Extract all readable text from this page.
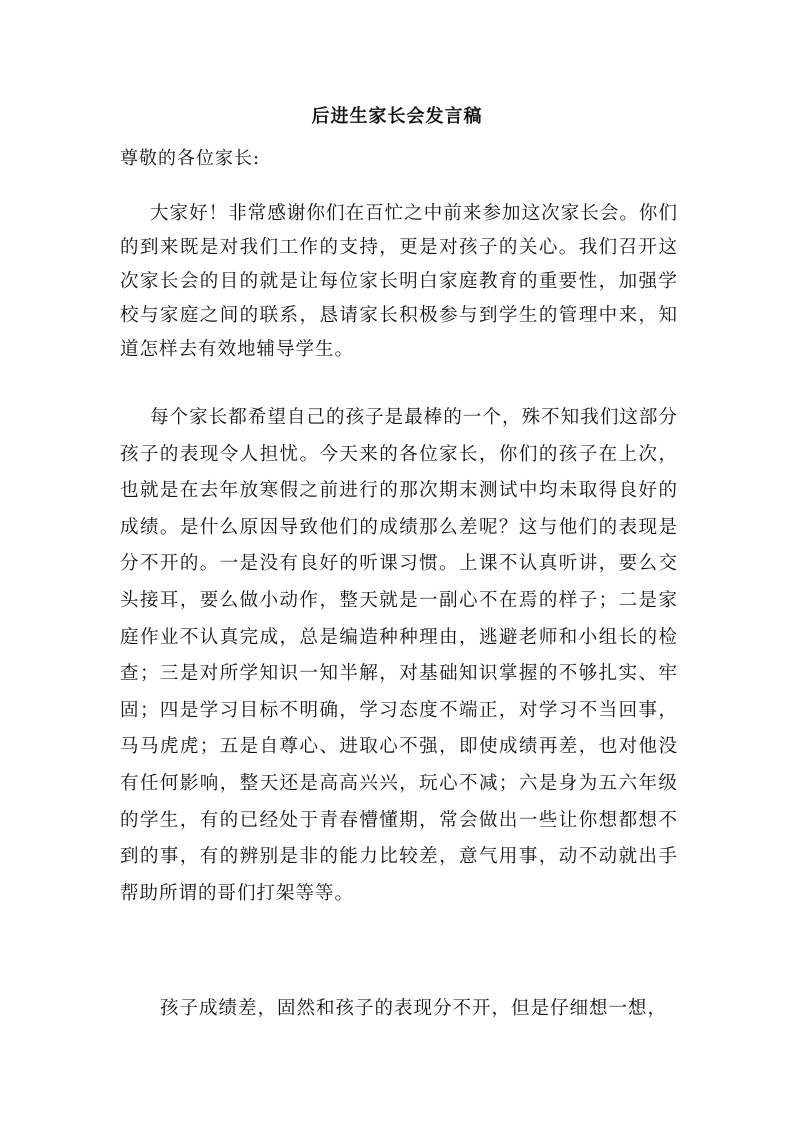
后进生家长会发言稿
尊敬的各位家长:

大家好！非常感谢你们在百忙之中前来参加这次家长会。你们的到来既是对我们工作的支持，更是对孩子的关心。我们召开这次家长会的目的就是让每位家长明白家庭教育的重要性，加强学校与家庭之间的联系，恳请家长积极参与到学生的管理中来，知道怎样去有效地辅导学生。

每个家长都希望自己的孩子是最棒的一个，殊不知我们这部分孩子的表现令人担忧。今天来的各位家长，你们的孩子在上次，也就是在去年放寒假之前进行的那次期末测试中均未取得良好的成绩。是什么原因导致他们的成绩那么差呢？这与他们的表现是分不开的。一是没有良好的听课习惯。上课不认真听讲，要么交头接耳，要么做小动作，整天就是一副心不在焉的样子；二是家庭作业不认真完成，总是编造种种理由，逃避老师和小组长的检查；三是对所学知识一知半解，对基础知识掌握的不够扎实、牢固；四是学习目标不明确，学习态度不端正，对学习不当回事，马马虎虎；五是自尊心、进取心不强，即使成绩再差，也对他没有任何影响，整天还是高高兴兴，玩心不减；六是身为五六年级的学生，有的已经处于青春懵懂期，常会做出一些让你想都想不到的事，有的辨别是非的能力比较差，意气用事，动不动就出手帮助所谓的哥们打架等等。

孩子成绩差，固然和孩子的表现分不开，但是仔细想一想，
